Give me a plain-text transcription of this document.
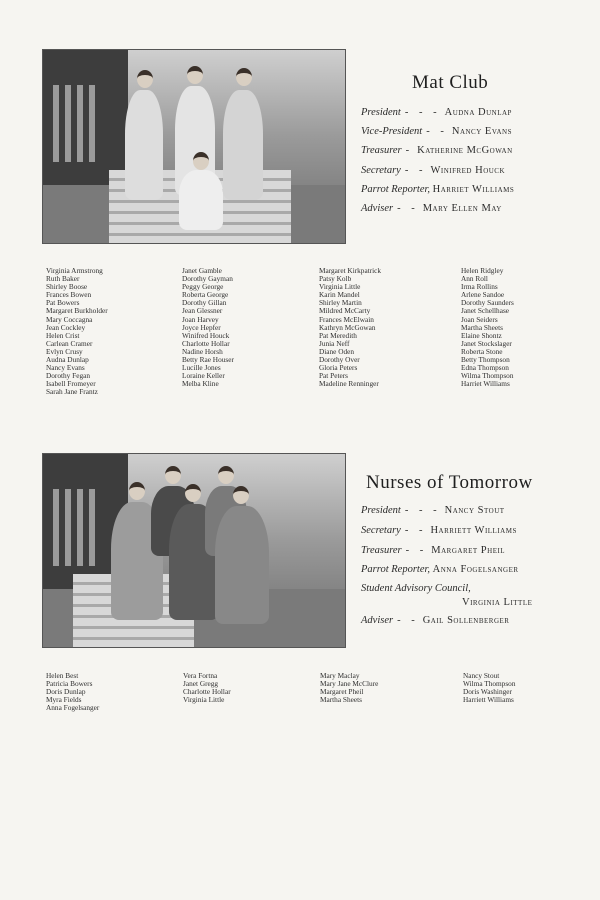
Mat Club
President - - - Audna Dunlap
Vice-President - - Nancy Evans
Treasurer - Katherine McGowan
Secretary - - Winifred Houck
Parrot Reporter, Harriet Williams
Adviser - - Mary Ellen May
Virginia Armstrong
Ruth Baker
Shirley Boose
Frances Bowen
Pat Bowers
Margaret Burkholder
Mary Coccagna
Jean Cockley
Helen Crist
Carlean Cramer
Evlyn Crusy
Audna Dunlap
Nancy Evans
Dorothy Fegan
Isabell Fromeyer
Sarah Jane Frantz
Janet Gamble
Dorothy Gayman
Peggy George
Roberta George
Dorothy Gillan
Jean Glessner
Joan Harvey
Joyce Hepfer
Winifred Houck
Charlotte Hollar
Nadine Horsh
Betty Rae Houser
Lucille Jones
Loraine Keller
Melba Kline
Margaret Kirkpatrick
Patsy Kolb
Virginia Little
Karin Mandel
Shirley Martin
Mildred McCarty
Frances McElwain
Kathryn McGowan
Pat Meredith
Junia Neff
Diane Oden
Dorothy Over
Gloria Peters
Pat Peters
Madeline Renninger
Helen Ridgley
Ann Roll
Irma Rollins
Arlene Sandoe
Dorothy Saunders
Janet Schellhase
Joan Seiders
Martha Sheets
Elaine Shontz
Janet Stockslager
Roberta Stone
Betty Thompson
Edna Thompson
Wilma Thompson
Harriet Williams
Nurses of Tomorrow
President - - - Nancy Stout
Secretary - - Harriett Williams
Treasurer - - Margaret Pheil
Parrot Reporter, Anna Fogelsanger
Student Advisory Council,
Virginia Little
Adviser - - Gail Sollenberger
Helen Best
Patricia Bowers
Doris Dunlap
Myra Fields
Anna Fogelsanger
Vera Fortna
Janet Gregg
Charlotte Hollar
Virginia Little
Mary Maclay
Mary Jane McClure
Margaret Pheil
Martha Sheets
Nancy Stout
Wilma Thompson
Doris Washinger
Harriett Williams
